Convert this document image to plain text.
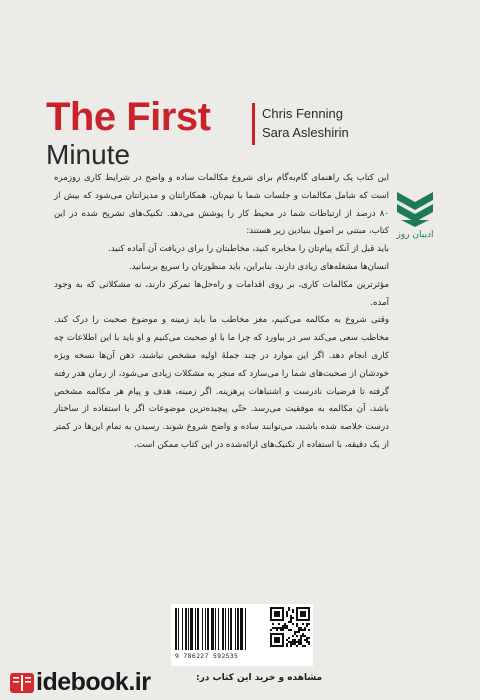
The First
Minute
Chris Fenning
Sara Asleshirin
ادیبان روز

این کتاب یک راهنمای گام‌به‌گام برای شروع مکالمات ساده و واضح در شرایط کاری روزمره است که شامل مکالمات و جلسات شما با تیم‌تان، همکارانتان و مدیرانتان می‌شود که بیش از ۸۰ درصد از ارتباطات شما در محیط کار را پوشش می‌دهد. تکنیک‌های تشریح شده در این کتاب، مبتنی بر اصول بنیادین زیر هستند:

باید قبل از آنکه پیام‌تان را مخابره کنید، مخاطبتان را برای دریافت آن آماده کنید.

انسان‌ها مشغله‌های زیادی دارند، بنابراین، باید منظورتان را سریع برسانید.

مؤثرترین مکالمات کاری، بر روی اقدامات و راه‌حل‌ها تمرکز دارند، نه مشکلاتی که به وجود آمده.

وقتی شروع به مکالمه می‌کنیم، مغز مخاطب ما باید زمینه و موضوع صحبت را درک کند. مخاطب سعی می‌کند سر در بیاورد که چرا ما با او صحبت می‌کنیم و او باید با این اطلاعات چه کاری انجام دهد. اگر این موارد در چند جملهٔ اولیه مشخص نباشند، ذهن آن‌ها نسخه ویژه خودشان از صحبت‌های شما را می‌سازد که منجر به مشکلات زیادی می‌شود، از زمان هدر رفته گرفته تا فرضیات نادرست و اشتباهات پرهزینه. اگر زمینه، هدف و پیام هر مکالمه مشخص باشد، آن مکالمه به موفقیت می‌رسد. حتّی پیچیده‌ترین موضوعات اگر با استفاده از ساختار درست خلاصه شده باشند، می‌توانند ساده و واضح شروع شوند. رسیدن به تمام این‌ها در کمتر از یک دقیقه، با استفاده از تکنیک‌های ارائه‌شده در این کتاب ممکن است.

9 786227 592535
idebook.ir	مشاهده و خرید این کتاب در:
